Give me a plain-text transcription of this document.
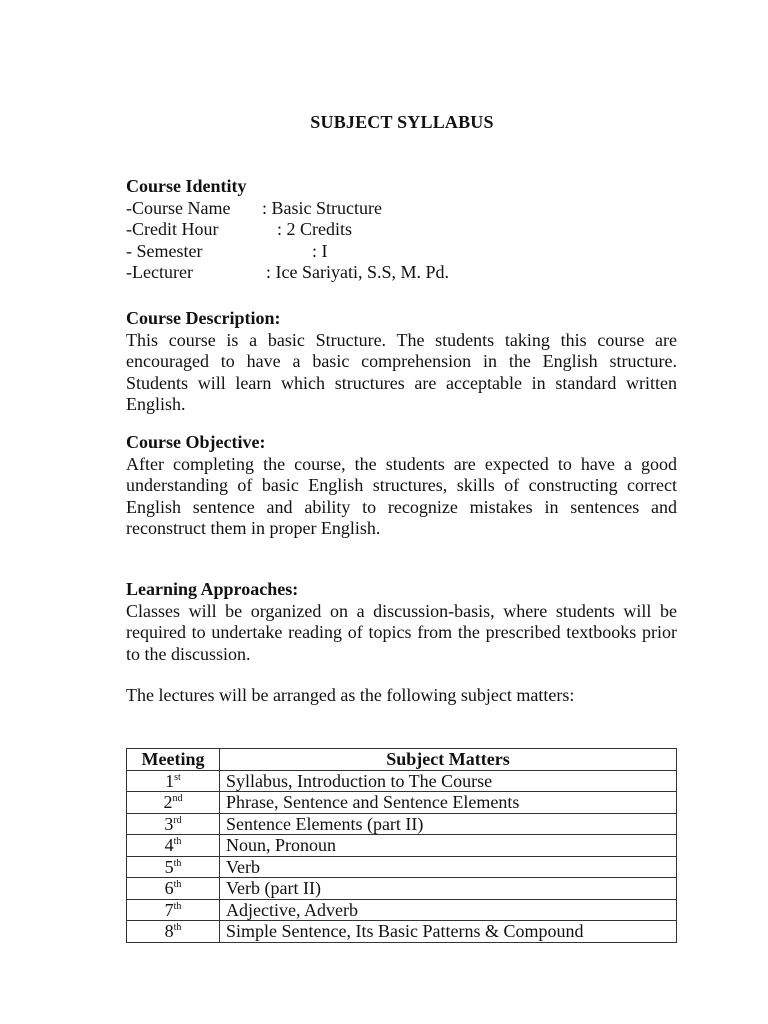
SUBJECT SYLLABUS
Course Identity
-Course Name : Basic Structure
-Credit Hour	: 2 Credits
- Semester	: I
-Lecturer	: Ice Sariyati, S.S, M. Pd.
Course Description:

This course is a basic Structure. The students taking this course are encouraged to have a basic comprehension in the English structure. Students will learn which structures are acceptable in standard written English.

Course Objective:

After completing the course, the students are expected to have a good understanding of basic English structures, skills of constructing correct English sentence and ability to recognize mistakes in sentences and reconstruct them in proper English.

Learning Approaches:

Classes will be organized on a discussion-basis, where students will be required to undertake reading of topics from the prescribed textbooks prior to the discussion.

The lectures will be arranged as the following subject matters:

Meeting	Subject Matters
1st	Syllabus, Introduction to The Course
2nd	Phrase, Sentence and Sentence Elements
3rd	Sentence Elements (part II)
4th	Noun, Pronoun
5th	Verb
6th	Verb (part II)
7th	Adjective, Adverb
8th	Simple Sentence, Its Basic Patterns & Compound
